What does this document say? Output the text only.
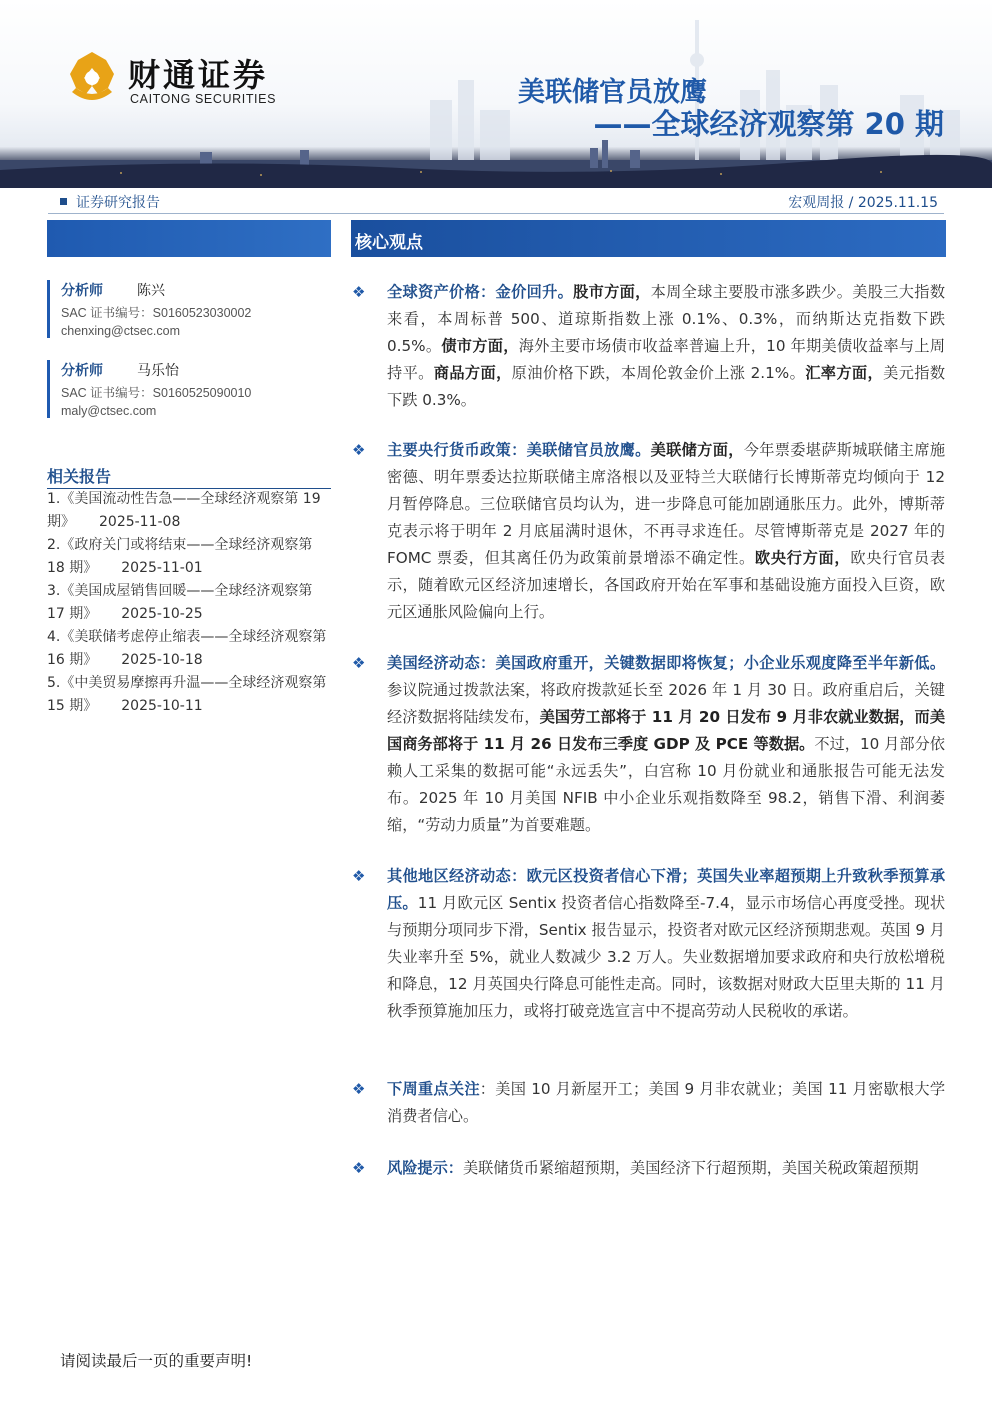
财通证券
CAITONG SECURITIES	美联储官员放鹰
——全球经济观察第 20 期
证券研究报告	宏观周报 / 2025.11.15
核心观点
分析师 陈兴
SAC 证书编号：S0160523030002
chenxing@ctsec.com
分析师 马乐怡
SAC 证书编号：S0160525090010
maly@ctsec.com
相关报告
1.《美国流动性告急——全球经济观察第 19 期》 2025-11-08
2.《政府关门或将结束——全球经济观察第 18 期》 2025-11-01
3.《美国成屋销售回暖——全球经济观察第 17 期》 2025-10-25
4.《美联储考虑停止缩表——全球经济观察第 16 期》 2025-10-18
5.《中美贸易摩擦再升温——全球经济观察第 15 期》 2025-10-11
❖ 全球资产价格：金价回升。股市方面，本周全球主要股市涨多跌少。美股三大指数来看，本周标普 500、道琼斯指数上涨 0.1%、0.3%，而纳斯达克指数下跌 0.5%。债市方面，海外主要市场债市收益率普遍上升，10 年期美债收益率与上周持平。商品方面，原油价格下跌，本周伦敦金价上涨 2.1%。汇率方面，美元指数下跌 0.3%。
❖ 主要央行货币政策：美联储官员放鹰。美联储方面，今年票委堪萨斯城联储主席施密德、明年票委达拉斯联储主席洛根以及亚特兰大联储行长博斯蒂克均倾向于 12 月暂停降息。三位联储官员均认为，进一步降息可能加剧通胀压力。此外，博斯蒂克表示将于明年 2 月底届满时退休，不再寻求连任。尽管博斯蒂克是 2027 年的 FOMC 票委，但其离任仍为政策前景增添不确定性。欧央行方面，欧央行官员表示，随着欧元区经济加速增长，各国政府开始在军事和基础设施方面投入巨资，欧元区通胀风险偏向上行。
❖ 美国经济动态：美国政府重开，关键数据即将恢复；小企业乐观度降至半年新低。参议院通过拨款法案，将政府拨款延长至 2026 年 1 月 30 日。政府重启后，关键经济数据将陆续发布，美国劳工部将于 11 月 20 日发布 9 月非农就业数据，而美国商务部将于 11 月 26 日发布三季度 GDP 及 PCE 等数据。不过，10 月部分依赖人工采集的数据可能“永远丢失”，白宫称 10 月份就业和通胀报告可能无法发布。2025 年 10 月美国 NFIB 中小企业乐观指数降至 98.2，销售下滑、利润萎缩，“劳动力质量”为首要难题。
❖ 其他地区经济动态：欧元区投资者信心下滑；英国失业率超预期上升致秋季预算承压。11 月欧元区 Sentix 投资者信心指数降至-7.4，显示市场信心再度受挫。现状与预期分项同步下滑，Sentix 报告显示，投资者对欧元区经济预期悲观。英国 9 月失业率升至 5%，就业人数减少 3.2 万人。失业数据增加要求政府和央行放松增税和降息，12 月英国央行降息可能性走高。同时，该数据对财政大臣里夫斯的 11 月秋季预算施加压力，或将打破竞选宣言中不提高劳动人民税收的承诺。
❖ 下周重点关注：美国 10 月新屋开工；美国 9 月非农就业；美国 11 月密歇根大学消费者信心。
❖ 风险提示：美联储货币紧缩超预期，美国经济下行超预期，美国关税政策超预期
请阅读最后一页的重要声明!
